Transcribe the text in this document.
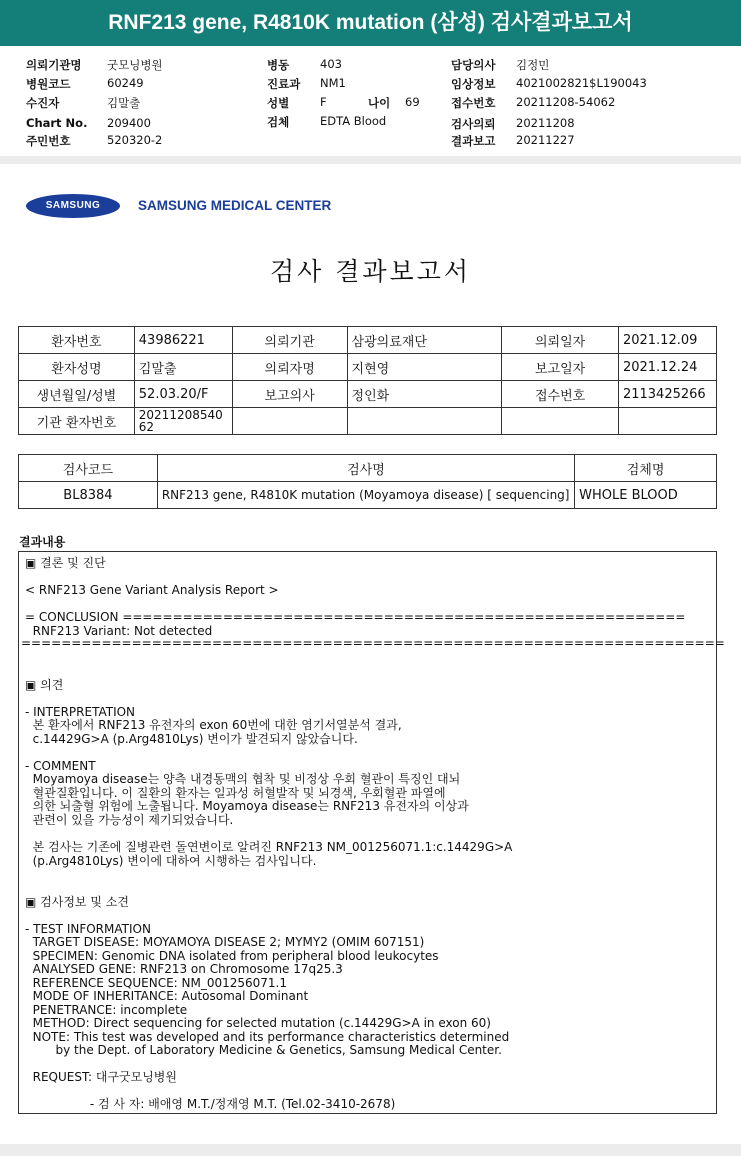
RNF213 gene, R4810K mutation (삼성) 검사결과보고서
의뢰기관명 굿모닝병원
병원코드	60249
수진자	김말출
Chart No. 209400
주민번호	520320-2
병동	403
진료과 NM1
성별	F	나이 69
검체	EDTA Blood
담당의사 김정민
임상정보 4021002821$L190043
접수번호 20211208-54062
검사의뢰 20211208
결과보고 20211227
SAMSUNG	SAMSUNG MEDICAL CENTER
검사 결과보고서
환자번호	43986221	의뢰기관	삼광의료재단	의뢰일자	2021.12.09
환자성명	김말출	의뢰자명	지현영	보고일자	2021.12.24
생년월일/성별	52.03.20/F	보고의사	정인화	접수번호	2113425266
기관 환자번호	20211208540 62				
검사코드	검사명	검체명
BL8384	RNF213 gene, R4810K mutation (Moyamoya disease) [ sequencing]	WHOLE BLOOD
결과내용
▣ 결론 및 진단
< RNF213 Gene Variant Analysis Report >
= CONCLUSION ========================================================
RNF213 Variant: Not detected
======================================================================
▣ 의견
- INTERPRETATION
본 환자에서 RNF213 유전자의 exon 60번에 대한 염기서열분석 결과,
c.14429G>A (p.Arg4810Lys) 변이가 발견되지 않았습니다.
- COMMENT
Moyamoya disease는 양측 내경동맥의 협착 및 비정상 우회 혈관이 특징인 대뇌
혈관질환입니다. 이 질환의 환자는 일과성 허혈발작 및 뇌경색, 우회혈관 파열에
의한 뇌출혈 위험에 노출됩니다. Moyamoya disease는 RNF213 유전자의 이상과
관련이 있을 가능성이 제기되었습니다.
본 검사는 기존에 질병관련 돌연변이로 알려진 RNF213 NM_001256071.1:c.14429G>A
(p.Arg4810Lys) 변이에 대하여 시행하는 검사입니다.
▣ 검사정보 및 소견
- TEST INFORMATION
TARGET DISEASE: MOYAMOYA DISEASE 2; MYMY2 (OMIM 607151)
SPECIMEN: Genomic DNA isolated from peripheral blood leukocytes
ANALYSED GENE: RNF213 on Chromosome 17q25.3
REFERENCE SEQUENCE: NM_001256071.1
MODE OF INHERITANCE: Autosomal Dominant
PENETRANCE: incomplete
METHOD: Direct sequencing for selected mutation (c.14429G>A in exon 60)
NOTE: This test was developed and its performance characteristics determined
by the Dept. of Laboratory Medicine & Genetics, Samsung Medical Center.
REQUEST: 대구굿모닝병원
- 검 사 자: 배애영 M.T./정재영 M.T. (Tel.02-3410-2678)
